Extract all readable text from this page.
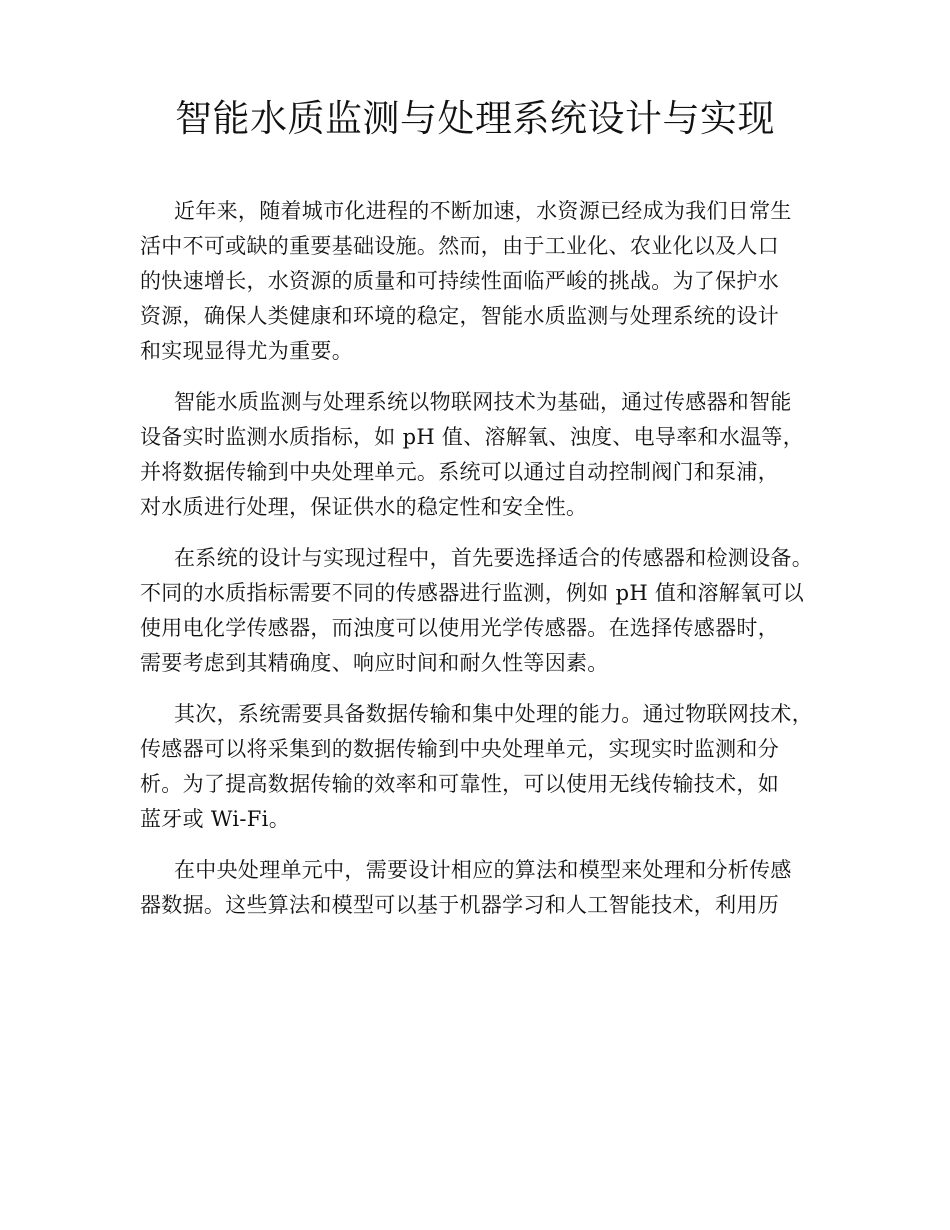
智能水质监测与处理系统设计与实现
近年来，随着城市化进程的不断加速，水资源已经成为我们日常生
活中不可或缺的重要基础设施。然而，由于工业化、农业化以及人口
的快速增长，水资源的质量和可持续性面临严峻的挑战。为了保护水
资源，确保人类健康和环境的稳定，智能水质监测与处理系统的设计
和实现显得尤为重要。
智能水质监测与处理系统以物联网技术为基础，通过传感器和智能
设备实时监测水质指标，如 pH 值、溶解氧、浊度、电导率和水温等，
并将数据传输到中央处理单元。系统可以通过自动控制阀门和泵浦，
对水质进行处理，保证供水的稳定性和安全性。
在系统的设计与实现过程中，首先要选择适合的传感器和检测设备。
不同的水质指标需要不同的传感器进行监测，例如 pH 值和溶解氧可以
使用电化学传感器，而浊度可以使用光学传感器。在选择传感器时，
需要考虑到其精确度、响应时间和耐久性等因素。
其次，系统需要具备数据传输和集中处理的能力。通过物联网技术，
传感器可以将采集到的数据传输到中央处理单元，实现实时监测和分
析。为了提高数据传输的效率和可靠性，可以使用无线传输技术，如
蓝牙或 Wi-Fi。
在中央处理单元中，需要设计相应的算法和模型来处理和分析传感
器数据。这些算法和模型可以基于机器学习和人工智能技术，利用历
